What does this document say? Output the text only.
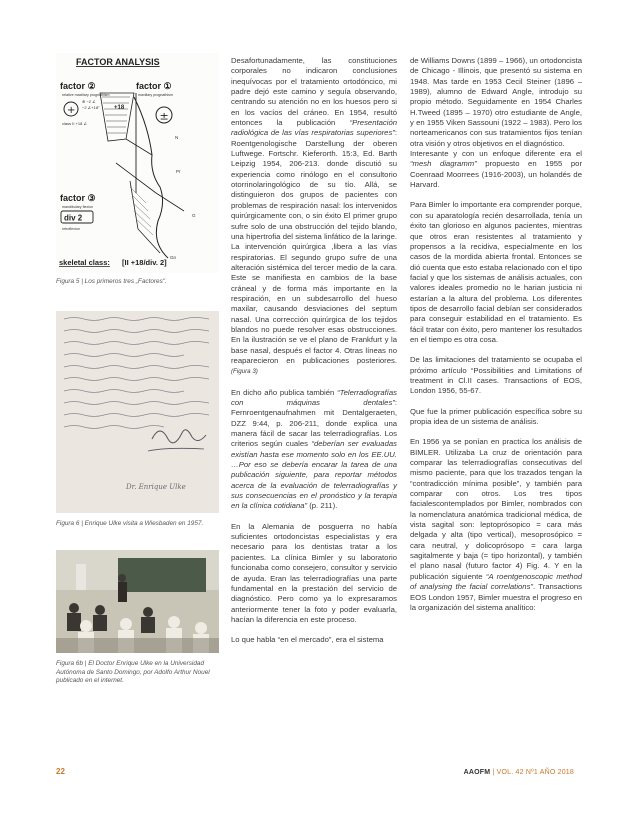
FACTOR ANALYSIS
factor ②
relative maxillary prognathism
+
⊕ −2 ∠
−2 ∠+18°
class II +18 ∠
factor ①
maxillary prognathism
±
+18
N
Pr
G
Gn
factor ③
mandibulary flexion
div 2
retroflexion
skeletal class: [II +18/div. 2]
Figura 5 | Los primeros tres „Factores".
Dr. Enrique Ulke
Figura 6 | Enrique Ulke visita a Wiesbaden en 1957.
Figura 6b | El Doctor Enrique Ulke en la Universidad Autónoma de Santo Domingo, por Adolfo Arthur Nouel publicado en el internet.

Desafortunadamente, las constituciones corporales no indicaron conclusiones inequívocas por el tratamiento ortodóncico, mi padre dejó este camino y seguía observando, centrando su atención no en los huesos pero si en los vacíos del cráneo. En 1954, resultó entonces la publicación “Presentación radiológica de las vías respiratorias superiores”: Roentgenologische Darstellung der oberen Luftwege. Fortschr. Kieferorth. 15:3, Ed. Barth Leipzig 1954, 206-213. donde discutió su experiencia como rinólogo en el consultorio otorrinolaringológico de su tío. Allá, se distinguieron dos grupos de pacientes con problemas de respiración nasal: los intervenidos quirúrgicamente con, o sin éxito El primer grupo sufre solo de una obstrucción del tejido blando, una hipertrofia del sistema linfático de la laringe. La intervención quirúrgica ,libera a las vías respiratorias. El segundo grupo sufre de una alteración sistémica del tercer medio de la cara. Este se manifiesta en cambios de la base cráneal y de forma más importante en la respiración, en un subdesarrollo del hueso maxilar, causando desviaciones del septum nasal. Una corrección quirúrgica de los tejidos blandos no puede resolver esas obstrucciones. En la ilustración se ve el plano de Frankfurt y la base nasal, después el factor 4. Otras líneas no reaparecieron en publicaciones posteriores. (Figura 3)

En dicho año publica también “Telerradiografías con máquinas dentales”: Fernroentgenaufnahmen mit Dentalgeraeten, DZZ 9:44, p. 206-211, donde explica una manera fácil de sacar las telerradiografías. Los criterios según cuales “deberían ser evaluadas existían hasta ese momento solo en los EE.UU. …Por eso se debería encarar la tarea de una publicación siguiente, para reportar métodos acerca de la evaluación de telerradiografías y sus consecuencias en el pronóstico y la terapia en la clínica cotidiana” (p. 211).

En la Alemania de posguerra no había suficientes ortodoncistas especialistas y era necesario para los dentistas tratar a los pacientes. La clínica Bimler y su laboratorio funcionaba como consejero, consultor y servicio de ayuda. Eran las telerradiografías una parte fundamental en la prestación del servicio de diagnóstico. Pero como ya lo expresaramos anteriormente tener la foto y poder evaluarla, hacían la diferencia en este proceso.

Lo que habla “en el mercado”, era el sistema

de Williams Downs (1899 – 1966), un ortodoncista de Chicago - Illinois, que presentó su sistema en 1948. Mas tarde en 1953 Cecil Steiner (1896 – 1989), alumno de Edward Angle, introdujo su propio método. Seguidamente en 1954 Charles H.Tweed (1895 – 1970) otro estudiante de Angle, y en 1955 Viken Sassouni (1922 – 1983). Pero los norteamericanos con sus tratamientos fijos tenían otra visión y otros objetivos en el diagnóstico.
Interesante y con un enfoque diferente era el “mesh diagramm” propuesto en 1955 por Coenraad Moorrees (1916-2003), un holandés de Harvard.

Para Bimler lo importante era comprender porque, con su aparatología recién desarrollada, tenía un éxito tan glorioso en algunos pacientes, mientras que otros eran resistentes al tratamiento y propensos a la recidiva, especialmente en los casos de la mordida abierta frontal. Entonces se dió cuenta que esto estaba relacionado con el tipo facial y que los sistemas de análisis actuales, con valores ideales promedio no le harian justicia ni estarían a la altura del problema. Los diferentes tipos de desarrollo facial debían ser considerados para conseguir estabilidad en el tratamiento. Es fácil tratar con éxito, pero mantener los resultados en el tiempo es otra cosa.

De las limitaciones del tratamiento se ocupaba el próximo artículo “Possibilities and Limitations of treatment in Cl.II cases. Transactions of EOS, London 1956, 55-67.

Que fue la primer publicación específica sobre su propia idea de un sistema de análisis.

En 1956 ya se ponían en practica los análisis de BIMLER. Utilizaba La cruz de orientación para comparar las telerradiografías consecutivas del mismo paciente, para que los trazados tengan la “contradicción mínima posible”, y también para comparar con otros. Los tres tipos facialescontemplados por Bimler, nombrados con la nomenclatura anatómica tradicional médica, de vista sagital son: leptoprósopico = cara más delgada y alta (tipo vertical), mesoprosópico = cara neutral, y dolicoprósopo = cara larga sagitalmente y baja (= tipo horizontal), y también el plano nasal (futuro factor 4) Fig. 4. Y en la publicación siguiente “A roentgenoscopic method of analysing the facial correlations”. Transactions EOS London 1957, Bimler muestra el progreso en la organización del sistema analítico:

22	AAOFM | VOL. 42 Nº1 AÑO 2018
